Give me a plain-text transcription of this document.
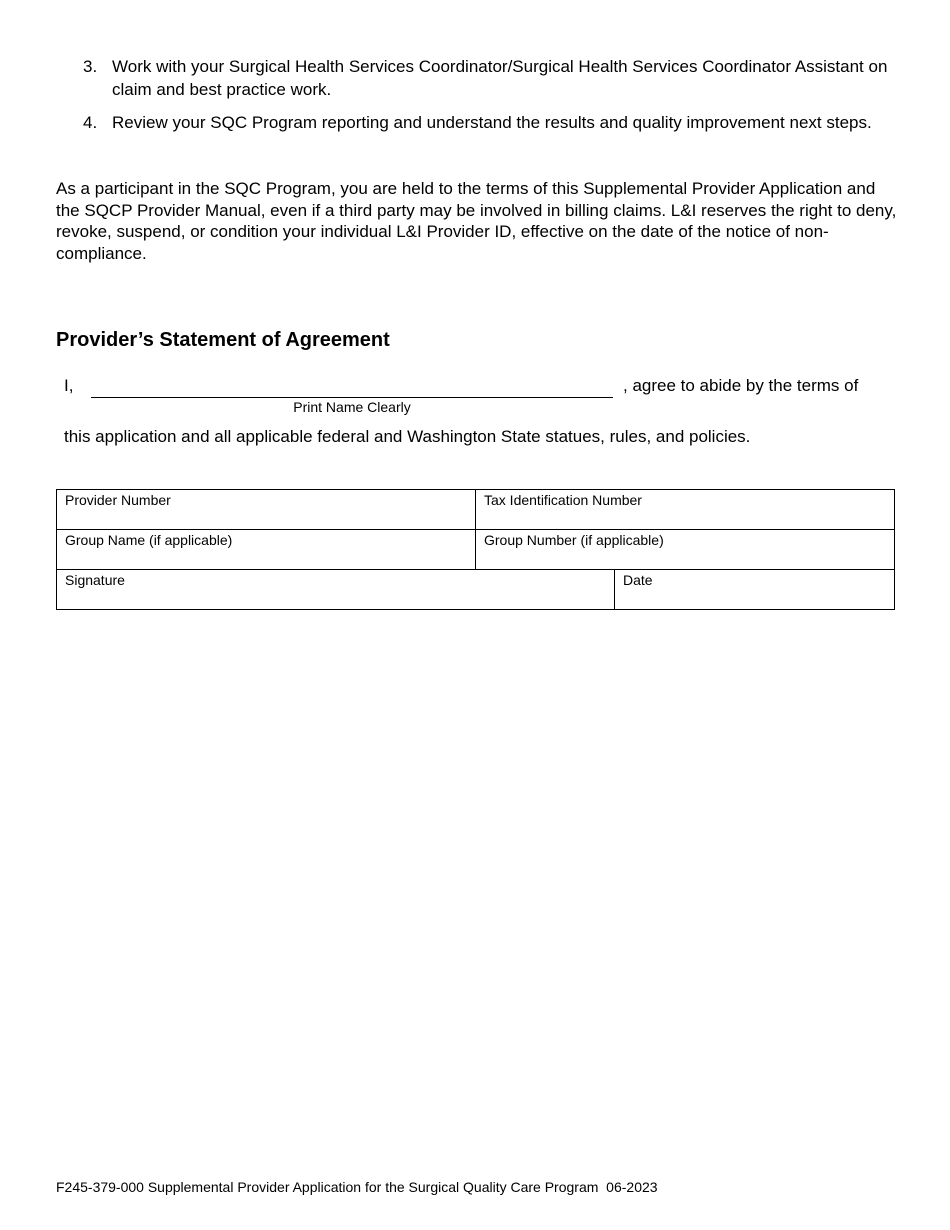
3. Work with your Surgical Health Services Coordinator/Surgical Health Services Coordinator Assistant on claim and best practice work.
4. Review your SQC Program reporting and understand the results and quality improvement next steps.

As a participant in the SQC Program, you are held to the terms of this Supplemental Provider Application and the SQCP Provider Manual, even if a third party may be involved in billing claims. L&I reserves the right to deny, revoke, suspend, or condition your individual L&I Provider ID, effective on the date of the notice of non-compliance.

Provider’s Statement of Agreement
I,	, agree to abide by the terms of
Print Name Clearly
this application and all applicable federal and Washington State statues, rules, and policies.
Provider Number	Tax Identification Number	

Group Name (if applicable)	Group Number (if applicable)	

Signature		Date
F245-379-000 Supplemental Provider Application for the Surgical Quality Care Program  06-2023
